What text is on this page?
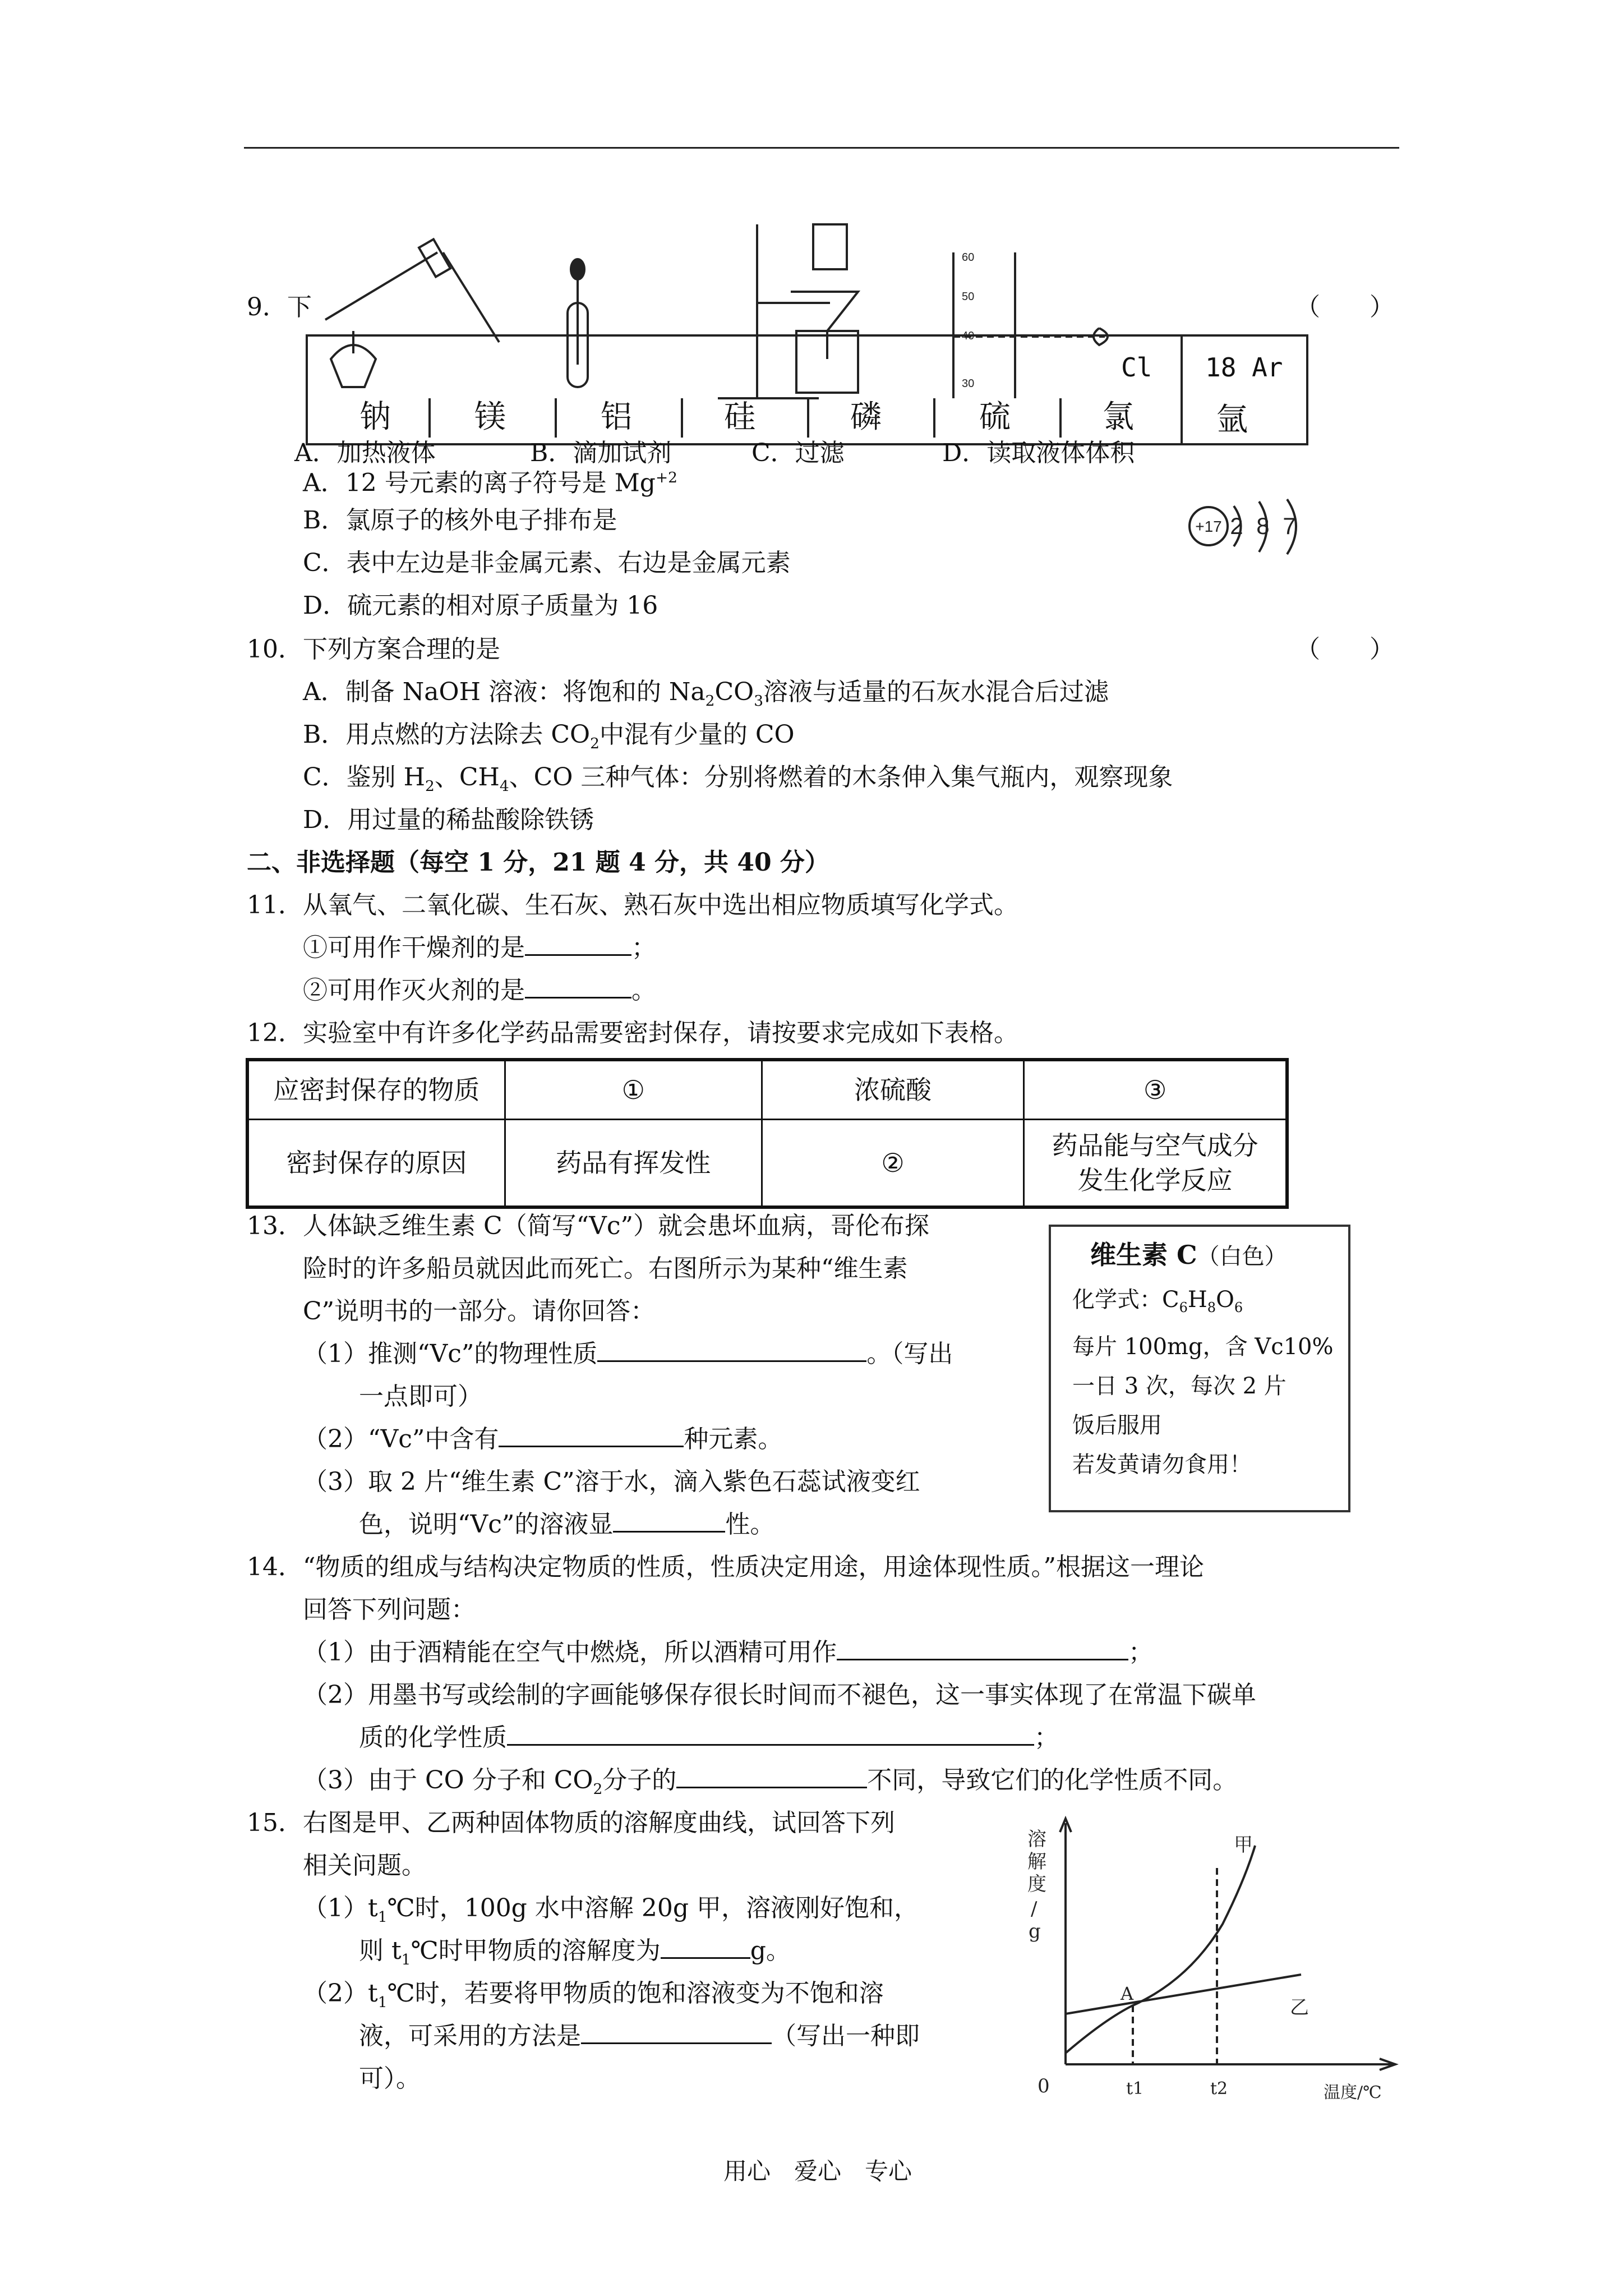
9．下	（　　）
钠	镁	铝	硅	磷	硫	氯
Cl 18 Ar
氩
60
50
40
30
A．加热液体	B．滴加试剂	C．过滤	D．读取液体体积
A．12 号元素的离子符号是 $Mg^{+2}$
B．氯原子的核外电子排布是
C．表中左边是非金属元素、右边是金属元素
D．硫元素的相对原子质量为 16
+17 2 8 7
10．下列方案合理的是	（　　）
A．制备 NaOH 溶液：将饱和的 $Na_2CO_3$溶液与适量的石灰水混合后过滤
B．用点燃的方法除去 $CO_2$中混有少量的 CO
C．鉴别 $H_2$、$CH_4$、CO 三种气体：分别将燃着的木条伸入集气瓶内，观察现象
D．用过量的稀盐酸除铁锈
二、非选择题（每空 1 分，21 题 4 分，共 40 分）
11．从氧气、二氧化碳、生石灰、熟石灰中选出相应物质填写化学式。
①可用作干燥剂的是	；
②可用作灭火剂的是	。
12．实验室中有许多化学药品需要密封保存，请按要求完成如下表格。
应密封保存的物质	①	浓硫酸	③
密封保存的原因	药品有挥发性	②	药品能与空气成分
发生化学反应
13．人体缺乏维生素 C（简写“Vc”）就会患坏血病，哥伦布探
险时的许多船员就因此而死亡。右图所示为某种“维生素
C”说明书的一部分。请你回答：
（1）推测“Vc”的物理性质	。（写出
一点即可）
（2）“Vc”中含有	种元素。
（3）取 2 片“维生素 C”溶于水，滴入紫色石蕊试液变红
色，说明“Vc”的溶液显	性。
维生素 C（白色）
化学式：$C_6H_8O_6$
每片 100mg，含 Vc10%
一日 3 次，每次 2 片
饭后服用
若发黄请勿食用！
14．“物质的组成与结构决定物质的性质，性质决定用途，用途体现性质。”根据这一理论
回答下列问题：
（1）由于酒精能在空气中燃烧，所以酒精可用作	；
（2）用墨书写或绘制的字画能够保存很长时间而不褪色，这一事实体现了在常温下碳单
质的化学性质	；
（3）由于 CO 分子和 $CO_2$分子的	不同，导致它们的化学性质不同。
15．右图是甲、乙两种固体物质的溶解度曲线，试回答下列
相关问题。
$(1)t_1℃$时，100g 水中溶解 20g 甲，溶液刚好饱和，
则 $t_1℃$时甲物质的溶解度为	g。
$(2)t_1℃$时，若要将甲物质的饱和溶液变为不饱和溶
液，可采用的方法是	（写出一种即
可）。
溶解度/ g
0	t1	t2	温度/℃
A
甲
乙
用心　爱心　专心
